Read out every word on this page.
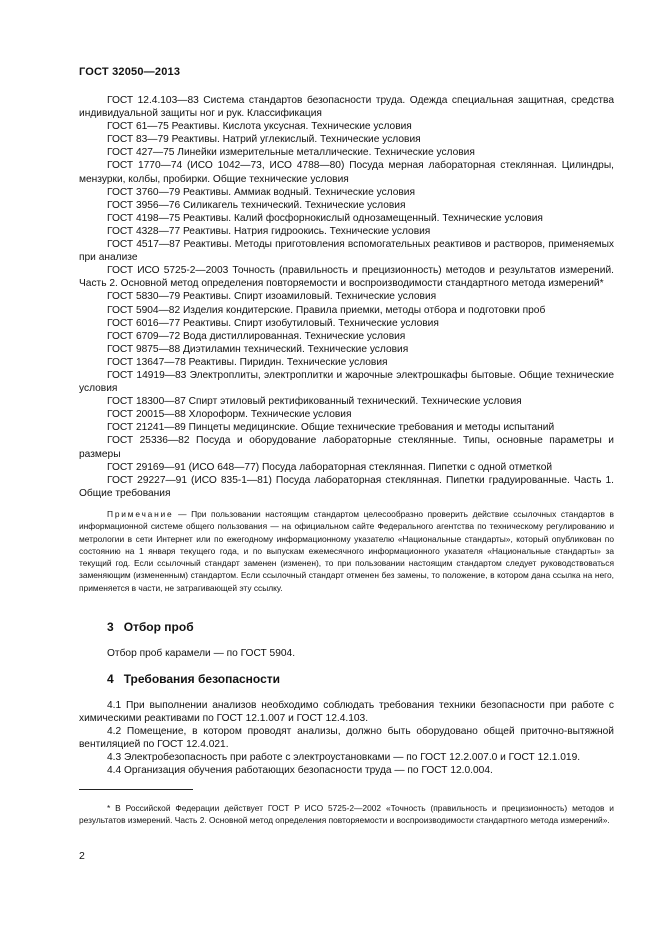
ГОСТ 32050—2013

ГОСТ 12.4.103—83 Система стандартов безопасности труда. Одежда специальная защитная, средства индивидуальной защиты ног и рук. Классификация

ГОСТ 61—75 Реактивы. Кислота уксусная. Технические условия

ГОСТ 83—79 Реактивы. Натрий углекислый. Технические условия

ГОСТ 427—75 Линейки измерительные металлические. Технические условия

ГОСТ 1770—74 (ИСО 1042—73, ИСО 4788—80) Посуда мерная лабораторная стеклянная. Цилиндры, мензурки, колбы, пробирки. Общие технические условия

ГОСТ 3760—79 Реактивы. Аммиак водный. Технические условия

ГОСТ 3956—76 Силикагель технический. Технические условия

ГОСТ 4198—75 Реактивы. Калий фосфорнокислый однозамещенный. Технические условия

ГОСТ 4328—77 Реактивы. Натрия гидроокись. Технические условия

ГОСТ 4517—87 Реактивы. Методы приготовления вспомогательных реактивов и растворов, применяемых при анализе

ГОСТ ИСО 5725-2—2003 Точность (правильность и прецизионность) методов и результатов измерений. Часть 2. Основной метод определения повторяемости и воспроизводимости стандартного метода измерений*

ГОСТ 5830—79 Реактивы. Спирт изоамиловый. Технические условия

ГОСТ 5904—82 Изделия кондитерские. Правила приемки, методы отбора и подготовки проб

ГОСТ 6016—77 Реактивы. Спирт изобутиловый. Технические условия

ГОСТ 6709—72 Вода дистиллированная. Технические условия

ГОСТ 9875—88 Диэтиламин технический. Технические условия

ГОСТ 13647—78 Реактивы. Пиридин. Технические условия

ГОСТ 14919—83 Электроплиты, электроплитки и жарочные электрошкафы бытовые. Общие технические условия

ГОСТ 18300—87 Спирт этиловый ректификованный технический. Технические условия

ГОСТ 20015—88 Хлороформ. Технические условия

ГОСТ 21241—89 Пинцеты медицинские. Общие технические требования и методы испытаний

ГОСТ 25336—82 Посуда и оборудование лабораторные стеклянные. Типы, основные параметры и размеры

ГОСТ 29169—91 (ИСО 648—77) Посуда лабораторная стеклянная. Пипетки с одной отметкой

ГОСТ 29227—91 (ИСО 835-1—81) Посуда лабораторная стеклянная. Пипетки градуированные. Часть 1. Общие требования

Примечание — При пользовании настоящим стандартом целесообразно проверить действие ссылочных стандартов в информационной системе общего пользования — на официальном сайте Федерального агентства по техническому регулированию и метрологии в сети Интернет или по ежегодному информационному указателю «Национальные стандарты», который опубликован по состоянию на 1 января текущего года, и по выпускам ежемесячного информационного указателя «Национальные стандарты» за текущий год. Если ссылочный стандарт заменен (изменен), то при пользовании настоящим стандартом следует руководствоваться заменяющим (измененным) стандартом. Если ссылочный стандарт отменен без замены, то положение, в котором дана ссылка на него, применяется в части, не затрагивающей эту ссылку.
3 Отбор проб

Отбор проб карамели — по ГОСТ 5904.

4 Требования безопасности

4.1 При выполнении анализов необходимо соблюдать требования техники безопасности при работе с химическими реактивами по ГОСТ 12.1.007 и ГОСТ 12.4.103.

4.2 Помещение, в котором проводят анализы, должно быть оборудовано общей приточно-вытяжной вентиляцией по ГОСТ 12.4.021.

4.3 Электробезопасность при работе с электроустановками — по ГОСТ 12.2.007.0 и ГОСТ 12.1.019.

4.4 Организация обучения работающих безопасности труда — по ГОСТ 12.0.004.

* В Российской Федерации действует ГОСТ Р ИСО 5725-2—2002 «Точность (правильность и прецизионность) методов и результатов измерений. Часть 2. Основной метод определения повторяемости и воспроизводимости стандартного метода измерений».
2
